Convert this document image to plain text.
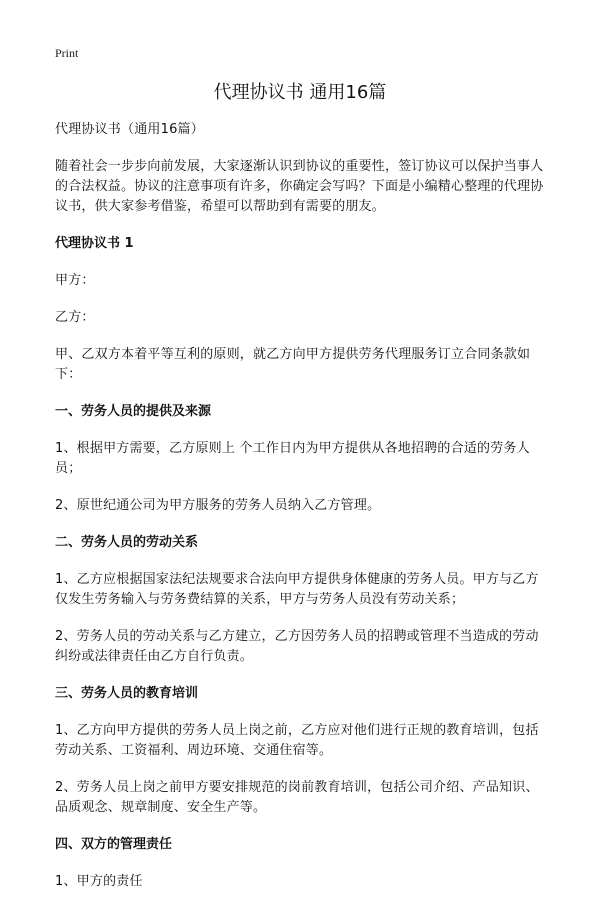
Print
代理协议书 通用16篇

代理协议书（通用16篇）

随着社会一步步向前发展，大家逐渐认识到协议的重要性，签订协议可以保护当事人的合法权益。协议的注意事项有许多，你确定会写吗？下面是小编精心整理的代理协议书，供大家参考借鉴，希望可以帮助到有需要的朋友。

代理协议书 1

甲方：

乙方：

甲、乙双方本着平等互利的原则，就乙方向甲方提供劳务代理服务订立合同条款如下：

一、劳务人员的提供及来源

1、根据甲方需要，乙方原则上 个工作日内为甲方提供从各地招聘的合适的劳务人员；

2、原世纪通公司为甲方服务的劳务人员纳入乙方管理。

二、劳务人员的劳动关系

1、乙方应根据国家法纪法规要求合法向甲方提供身体健康的劳务人员。甲方与乙方仅发生劳务输入与劳务费结算的关系，甲方与劳务人员没有劳动关系；

2、劳务人员的劳动关系与乙方建立，乙方因劳务人员的招聘或管理不当造成的劳动纠纷或法律责任由乙方自行负责。

三、劳务人员的教育培训

1、乙方向甲方提供的劳务人员上岗之前，乙方应对他们进行正规的教育培训，包括劳动关系、工资福利、周边环境、交通住宿等。

2、劳务人员上岗之前甲方要安排规范的岗前教育培训，包括公司介绍、产品知识、品质观念、规章制度、安全生产等。

四、双方的管理责任

1、甲方的责任
